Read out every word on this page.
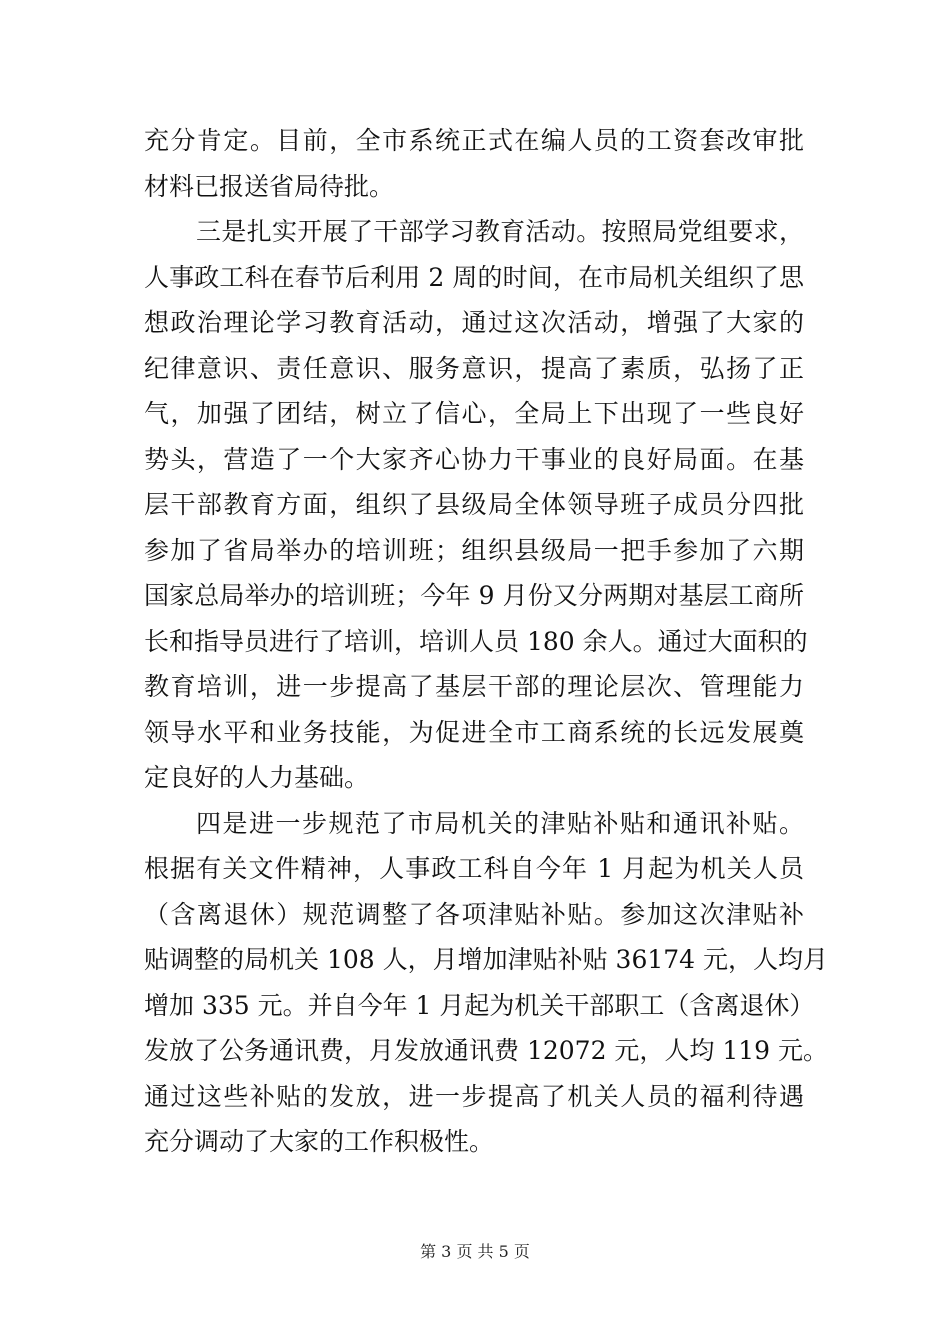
充分肯定。目前，全市系统正式在编人员的工资套改审批
材料已报送省局待批。
三是扎实开展了干部学习教育活动。按照局党组要求，
人事政工科在春节后利用 2 周的时间，在市局机关组织了思
想政治理论学习教育活动，通过这次活动，增强了大家的
纪律意识、责任意识、服务意识，提高了素质，弘扬了正
气，加强了团结，树立了信心，全局上下出现了一些良好
势头，营造了一个大家齐心协力干事业的良好局面。在基
层干部教育方面，组织了县级局全体领导班子成员分四批
参加了省局举办的培训班；组织县级局一把手参加了六期
国家总局举办的培训班；今年 9 月份又分两期对基层工商所
长和指导员进行了培训，培训人员 180 余人。通过大面积的
教育培训，进一步提高了基层干部的理论层次、管理能力
领导水平和业务技能，为促进全市工商系统的长远发展奠
定良好的人力基础。
四是进一步规范了市局机关的津贴补贴和通讯补贴。
根据有关文件精神，人事政工科自今年 1 月起为机关人员
（含离退休）规范调整了各项津贴补贴。参加这次津贴补
贴调整的局机关 108 人，月增加津贴补贴 36174 元，人均月
增加 335 元。并自今年 1 月起为机关干部职工（含离退休）
发放了公务通讯费，月发放通讯费 12072 元，人均 119 元。
通过这些补贴的发放，进一步提高了机关人员的福利待遇
充分调动了大家的工作积极性。
第 3 页 共 5 页
